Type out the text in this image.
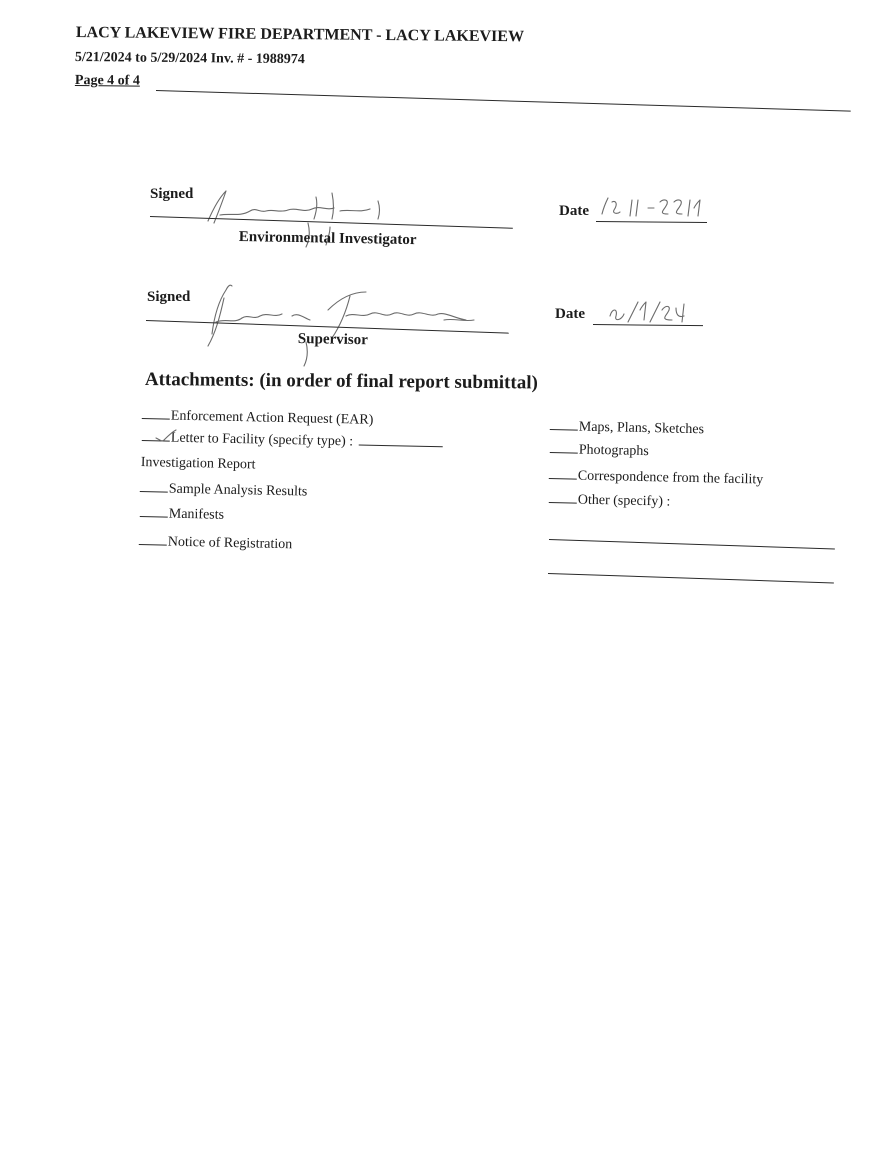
LACY LAKEVIEW FIRE DEPARTMENT - LACY LAKEVIEW
5/21/2024 to 5/29/2024 Inv. # - 1988974
Page 4 of 4
Signed
Environmental Investigator
Date
Signed
Supervisor
Date
Attachments: (in order of final report submittal)
Enforcement Action Request (EAR)
Letter to Facility (specify type) :
Investigation Report
Sample Analysis Results
Manifests
Notice of Registration
Maps, Plans, Sketches
Photographs
Correspondence from the facility
Other (specify) :
